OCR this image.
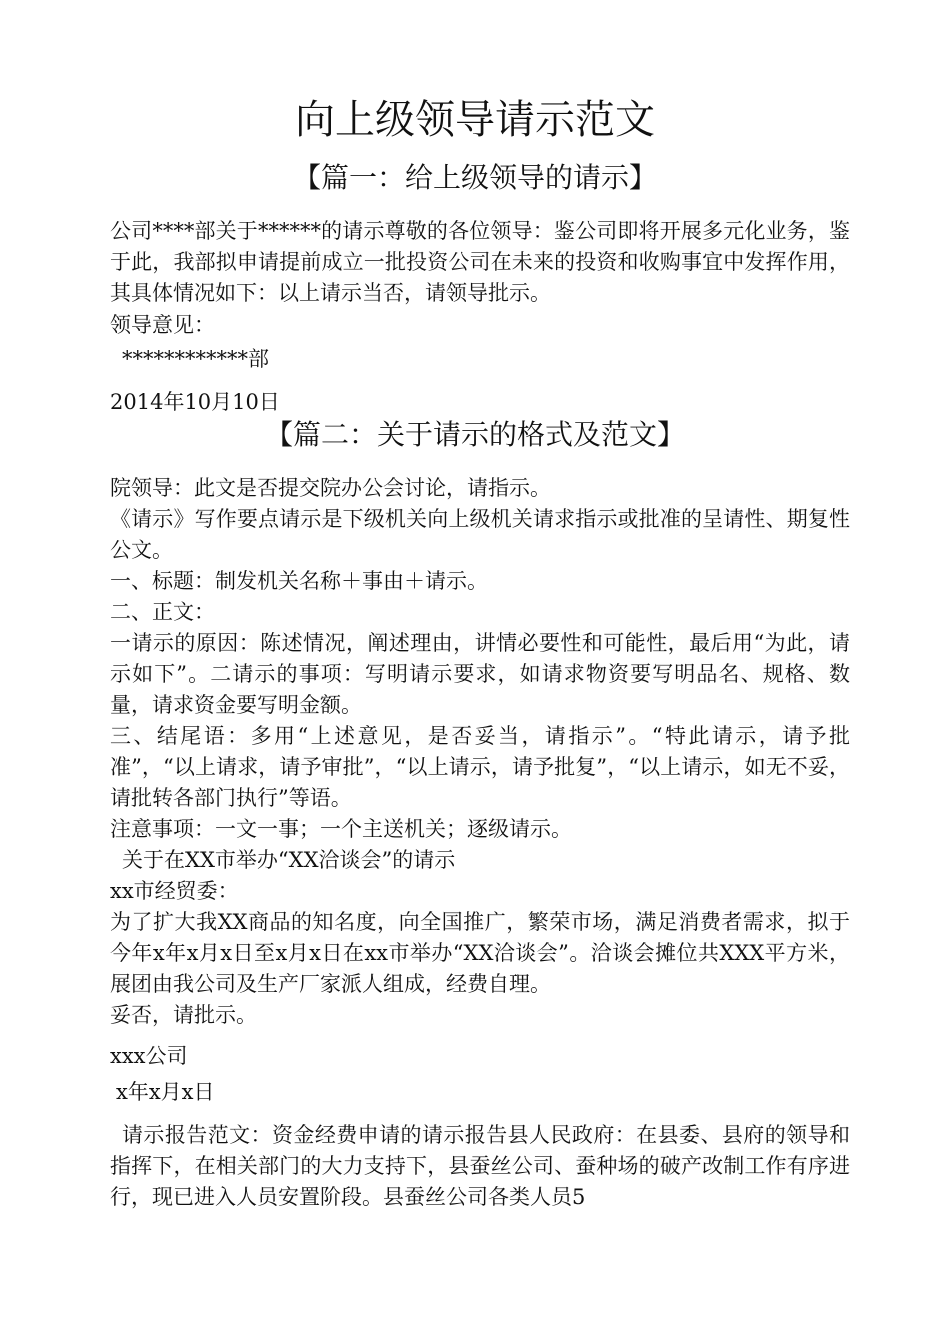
向上级领导请示范文
【篇一：给上级领导的请示】

公司****部关于******的请示尊敬的各位领导：鉴公司即将开展多元化业务，鉴于此，我部拟申请提前成立一批投资公司在未来的投资和收购事宜中发挥作用，其具体情况如下：以上请示当否，请领导批示。

领导意见：

************部

2014年10月10日

【篇二：关于请示的格式及范文】

院领导：此文是否提交院办公会讨论，请指示。

《请示》写作要点请示是下级机关向上级机关请求指示或批准的呈请性、期复性公文。

一、标题：制发机关名称＋事由＋请示。

二、正文：

一请示的原因：陈述情况，阐述理由，讲情必要性和可能性，最后用“为此，请示如下”。二请示的事项：写明请示要求，如请求物资要写明品名、规格、数量，请求资金要写明金额。

三、结尾语：多用“上述意见，是否妥当，请指示”。“特此请示，请予批准”，“以上请求，请予审批”，“以上请示，请予批复”，“以上请示，如无不妥，请批转各部门执行”等语。

注意事项：一文一事；一个主送机关；逐级请示。

关于在XX市举办“XX洽谈会”的请示

xx市经贸委：

为了扩大我XX商品的知名度，向全国推广，繁荣市场，满足消费者需求，拟于今年x年x月x日至x月x日在xx市举办“XX洽谈会”。洽谈会摊位共XXX平方米，展团由我公司及生产厂家派人组成，经费自理。

妥否，请批示。

xxx公司

x年x月x日

请示报告范文：资金经费申请的请示报告县人民政府：在县委、县府的领导和指挥下，在相关部门的大力支持下，县蚕丝公司、蚕种场的破产改制工作有序进行，现已进入人员安置阶段。县蚕丝公司各类人员5
